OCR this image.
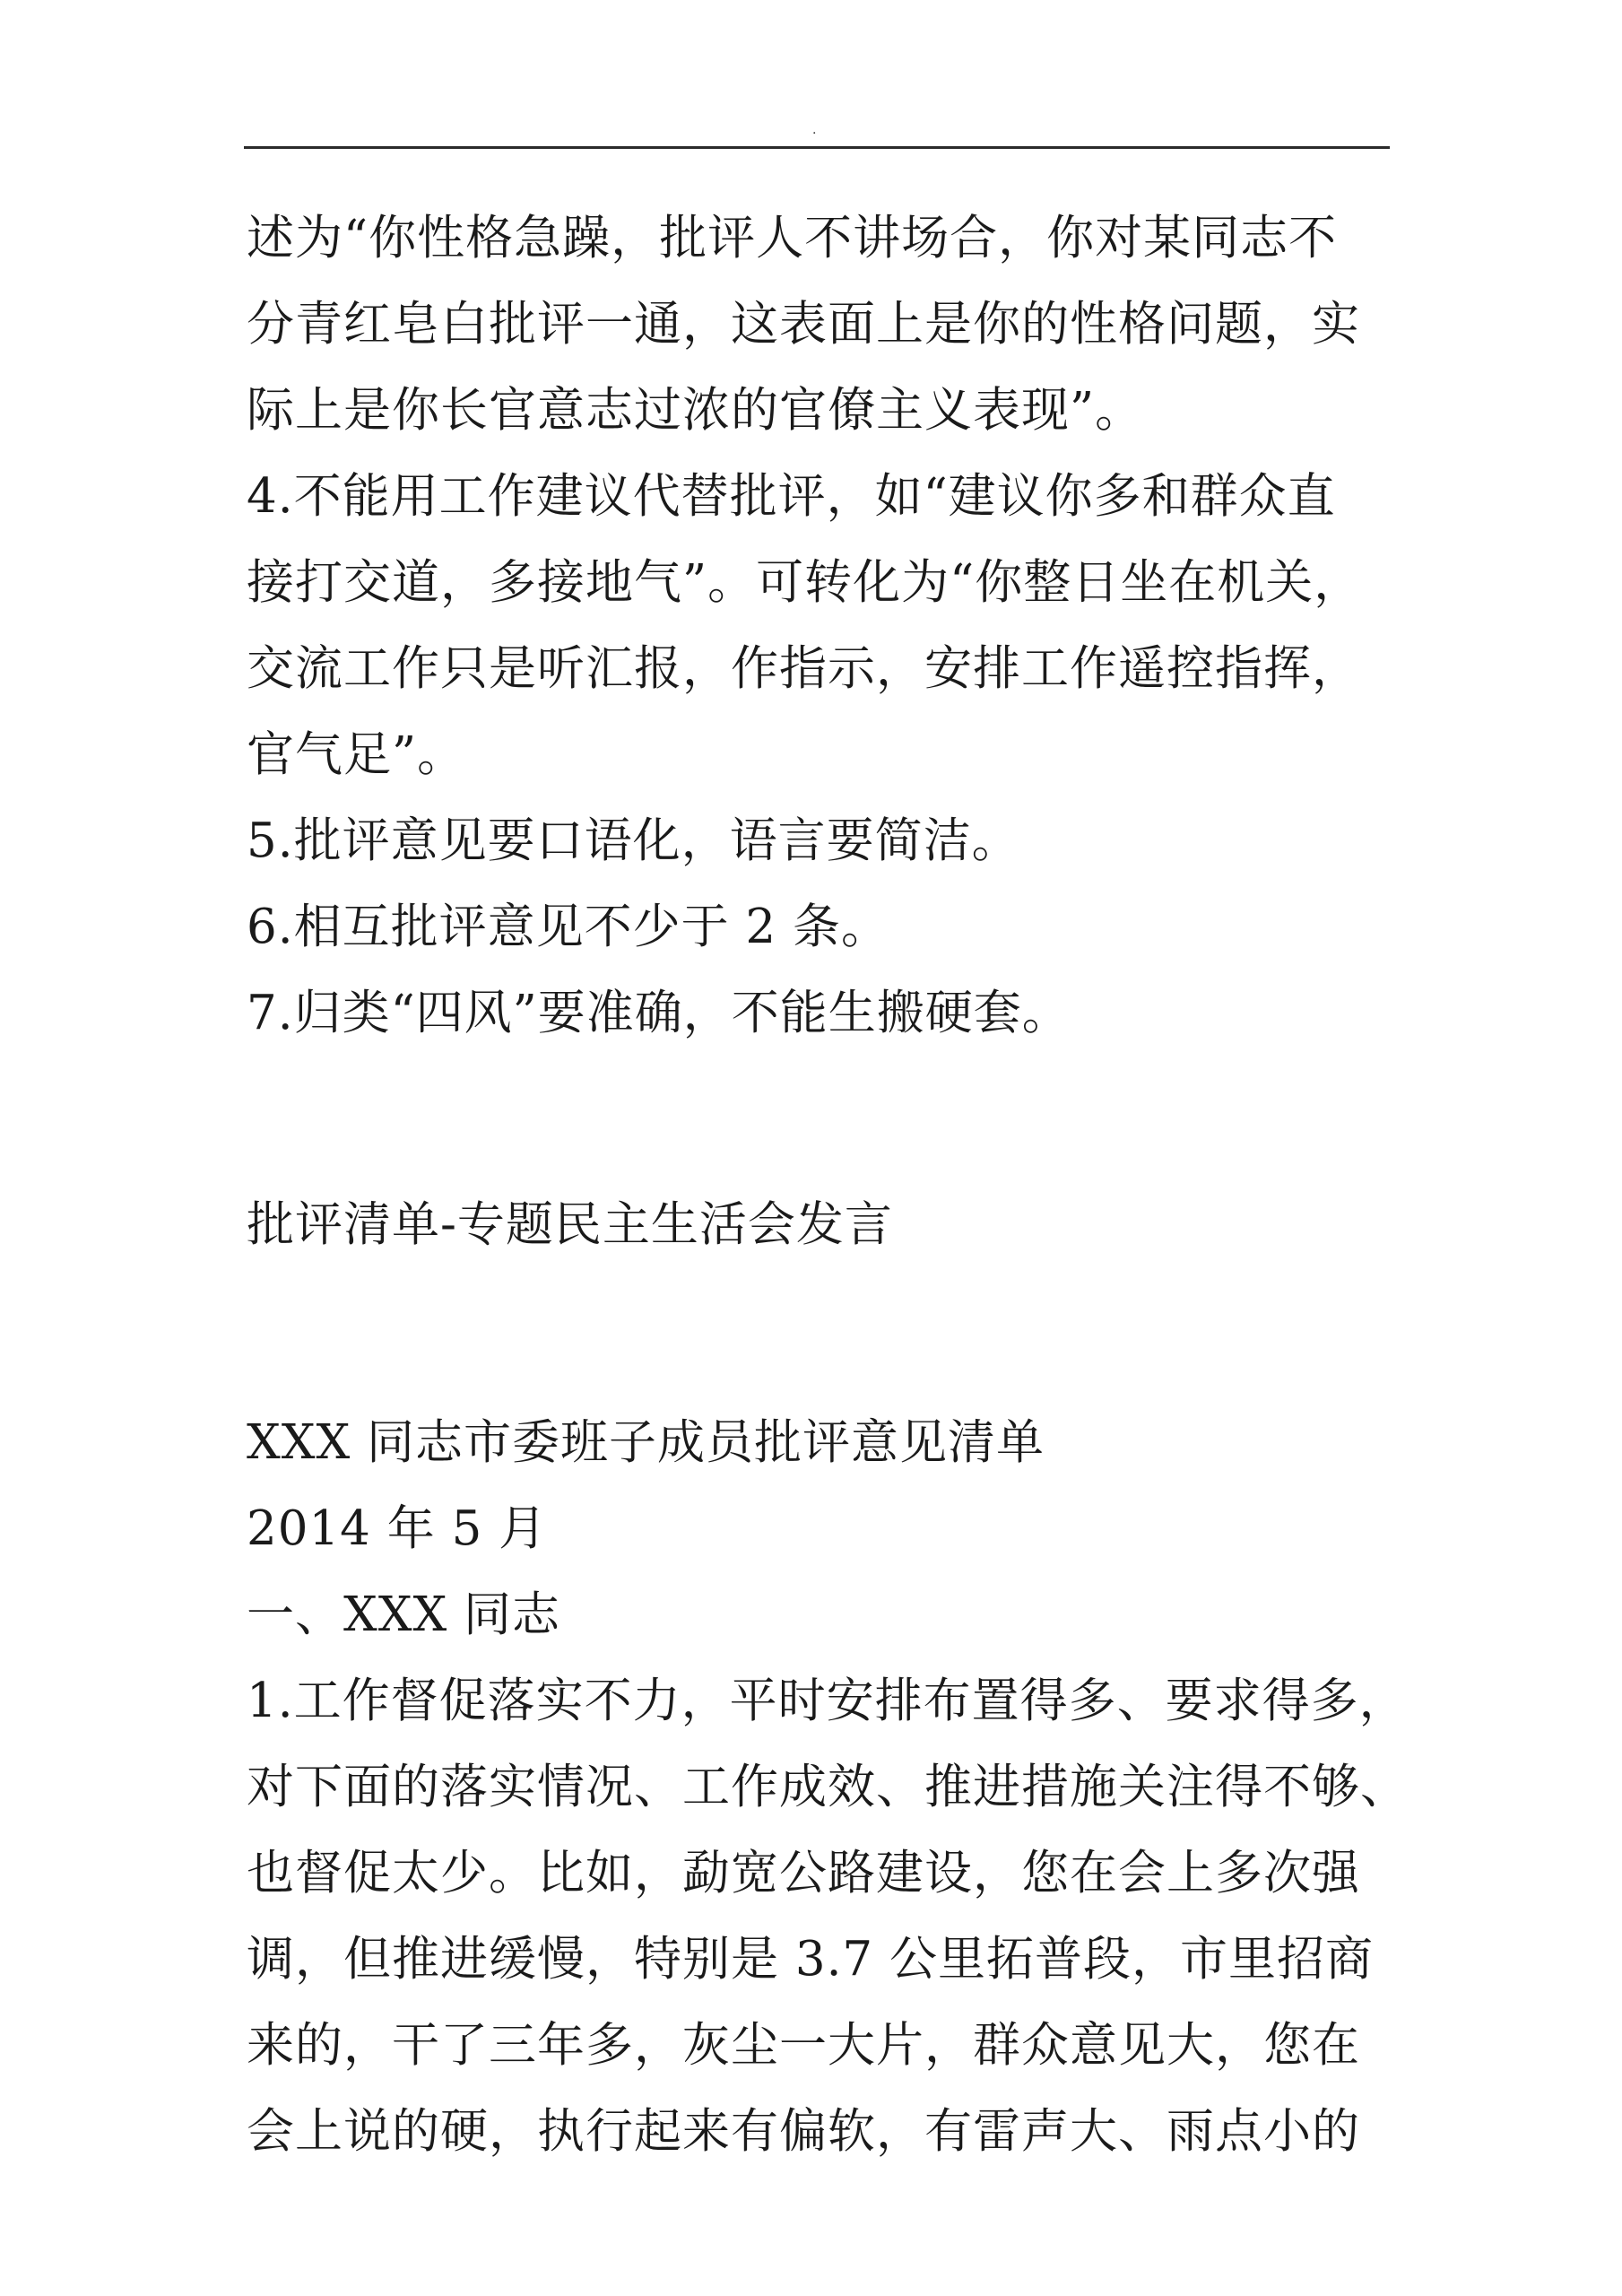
.
述为“你性格急躁，批评人不讲场合，你对某同志不
分青红皂白批评一通，这表面上是你的性格问题，实
际上是你长官意志过浓的官僚主义表现”。
4.不能用工作建议代替批评，如“建议你多和群众直
接打交道，多接地气”。可转化为“你整日坐在机关，
交流工作只是听汇报，作指示，安排工作遥控指挥，
官气足”。
5.批评意见要口语化，语言要简洁。
6.相互批评意见不少于 2 条。
7.归类“四风”要准确，不能生搬硬套。
批评清单-专题民主生活会发言
XXX 同志市委班子成员批评意见清单
2014 年 5 月
一、XXX 同志
1.工作督促落实不力，平时安排布置得多、要求得多，
对下面的落实情况、工作成效、推进措施关注得不够、
也督促太少。比如，勐宽公路建设，您在会上多次强
调，但推进缓慢，特别是 3.7 公里拓普段，市里招商
来的，干了三年多，灰尘一大片，群众意见大，您在
会上说的硬，执行起来有偏软，有雷声大、雨点小的
